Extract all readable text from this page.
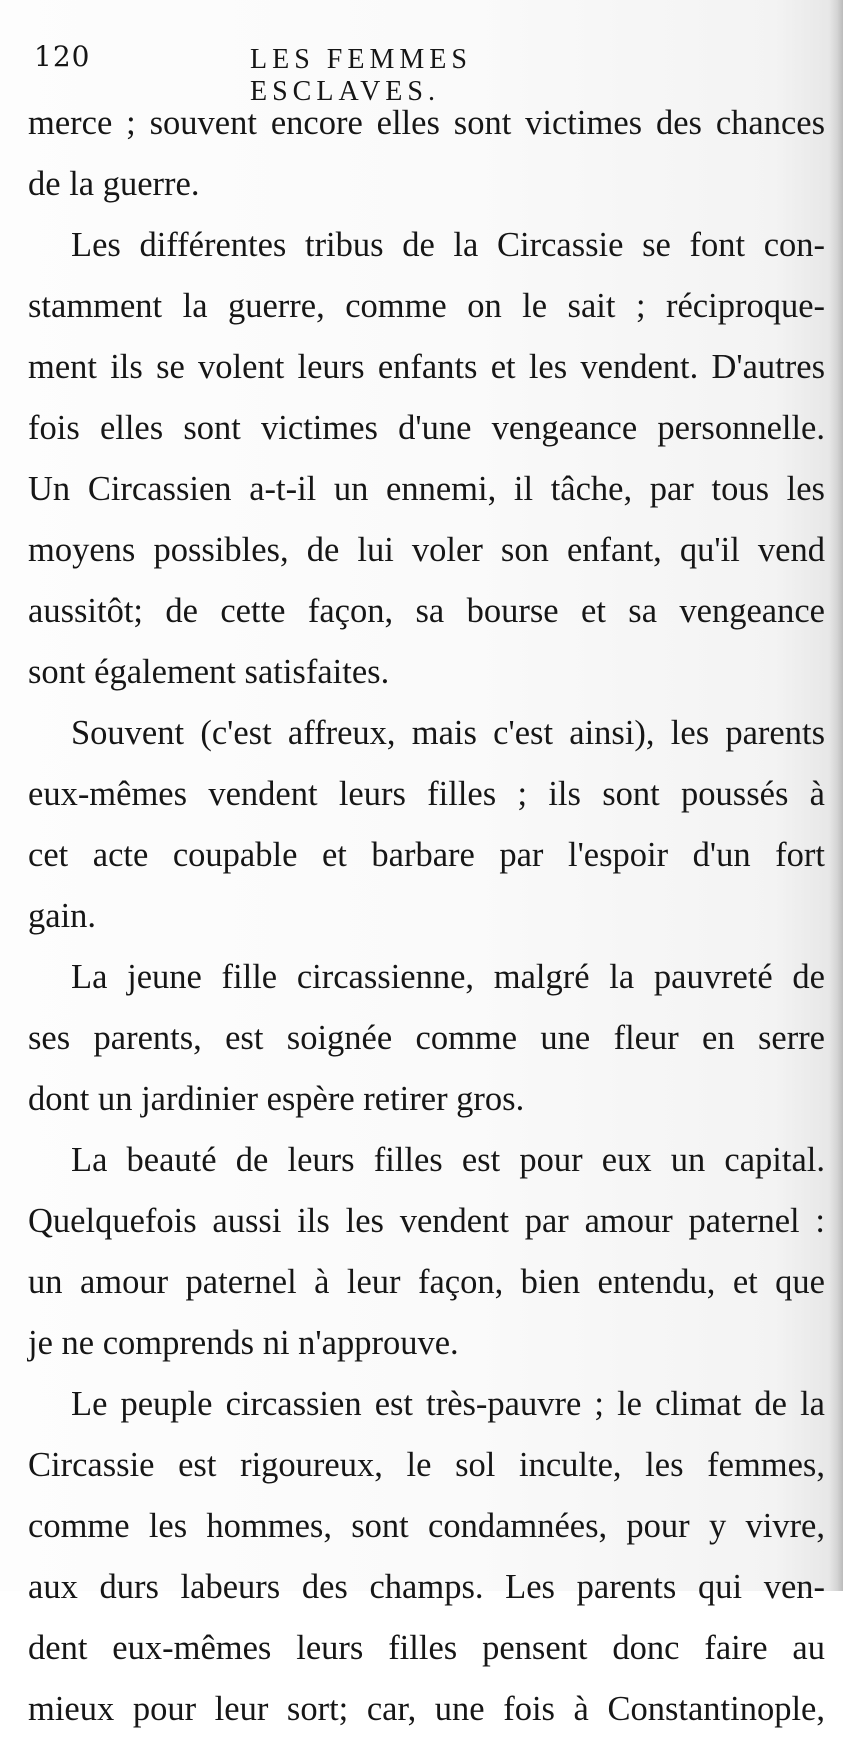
120	LES FEMMES ESCLAVES.
merce ; souvent encore elles sont victimes des chances
de la guerre.
Les différentes tribus de la Circassie se font con-
stamment la guerre, comme on le sait ; réciproque-
ment ils se volent leurs enfants et les vendent. D'autres
fois elles sont victimes d'une vengeance personnelle.
Un Circassien a-t-il un ennemi, il tâche, par tous les
moyens possibles, de lui voler son enfant, qu'il vend
aussitôt; de cette façon, sa bourse et sa vengeance
sont également satisfaites.
Souvent (c'est affreux, mais c'est ainsi), les parents
eux-mêmes vendent leurs filles ; ils sont poussés à
cet acte coupable et barbare par l'espoir d'un fort
gain.
La jeune fille circassienne, malgré la pauvreté de
ses parents, est soignée comme une fleur en serre
dont un jardinier espère retirer gros.
La beauté de leurs filles est pour eux un capital.
Quelquefois aussi ils les vendent par amour paternel :
un amour paternel à leur façon, bien entendu, et que
je ne comprends ni n'approuve.
Le peuple circassien est très-pauvre ; le climat de la
Circassie est rigoureux, le sol inculte, les femmes,
comme les hommes, sont condamnées, pour y vivre,
aux durs labeurs des champs. Les parents qui ven-
dent eux-mêmes leurs filles pensent donc faire au
mieux pour leur sort; car, une fois à Constantinople,
